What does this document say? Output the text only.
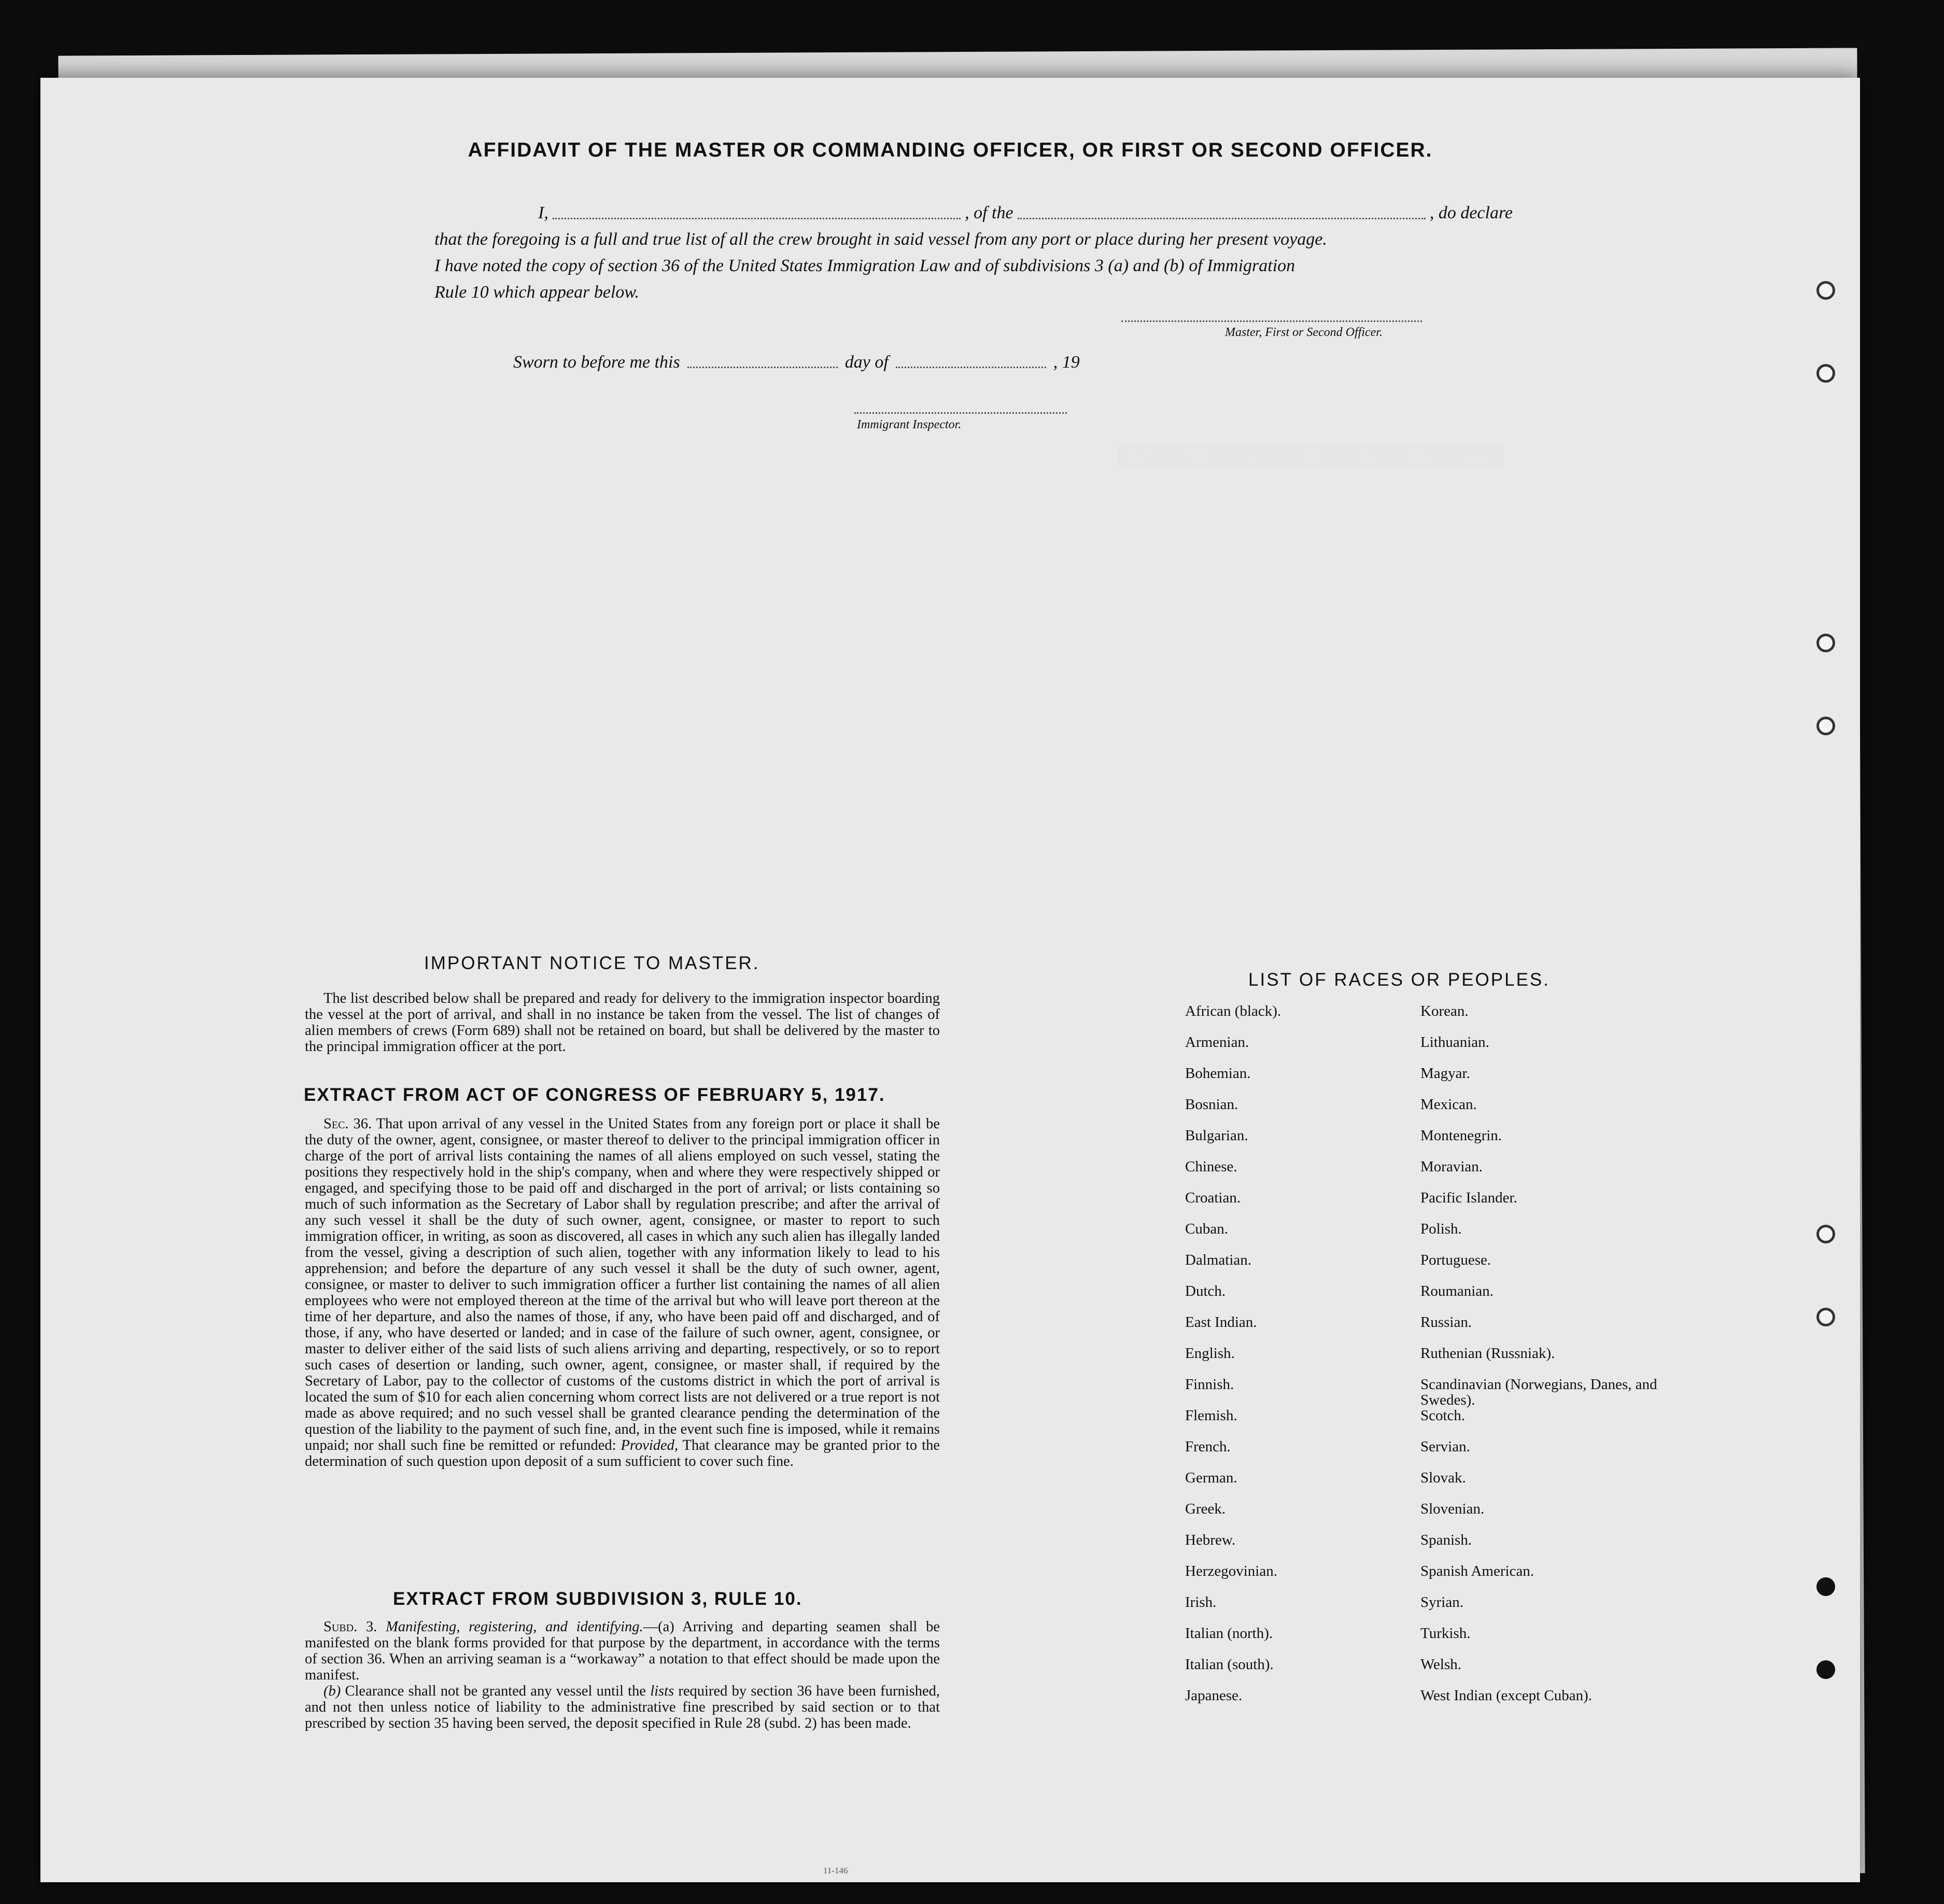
░░░░░░░░░░░░░░░░░░░░░░░░░░░░░░░
AFFIDAVIT OF THE MASTER OR COMMANDING OFFICER, OR FIRST OR SECOND OFFICER.
I,	, of the	, do declare
that the foregoing is a full and true list of all the crew brought in said vessel from any port or place during her present voyage.
I have noted the copy of section 36 of the United States Immigration Law and of subdivisions 3 (a) and (b) of Immigration
Rule 10 which appear below.
Master, First or Second Officer.
Sworn to before me this	day of	, 19
Immigrant Inspector.
IMPORTANT NOTICE TO MASTER.
The list described below shall be prepared and ready for delivery to the immigration inspector boarding the vessel at the port of arrival, and shall in no instance be taken from the vessel. The list of changes of alien members of crews (Form 689) shall not be retained on board, but shall be delivered by the master to the principal immigration officer at the port.
EXTRACT FROM ACT OF CONGRESS OF FEBRUARY 5, 1917.
Sec. 36. That upon arrival of any vessel in the United States from any foreign port or place it shall be the duty of the owner, agent, consignee, or master thereof to deliver to the principal immigration officer in charge of the port of arrival lists containing the names of all aliens employed on such vessel, stating the positions they respectively hold in the ship's company, when and where they were respectively shipped or engaged, and specifying those to be paid off and discharged in the port of arrival; or lists containing so much of such information as the Secretary of Labor shall by regulation prescribe; and after the arrival of any such vessel it shall be the duty of such owner, agent, consignee, or master to report to such immigration officer, in writing, as soon as discovered, all cases in which any such alien has illegally landed from the vessel, giving a description of such alien, together with any information likely to lead to his apprehension; and before the departure of any such vessel it shall be the duty of such owner, agent, consignee, or master to deliver to such immigration officer a further list containing the names of all alien employees who were not employed thereon at the time of the arrival but who will leave port thereon at the time of her departure, and also the names of those, if any, who have been paid off and discharged, and of those, if any, who have deserted or landed; and in case of the failure of such owner, agent, consignee, or master to deliver either of the said lists of such aliens arriving and departing, respectively, or so to report such cases of desertion or landing, such owner, agent, consignee, or master shall, if required by the Secretary of Labor, pay to the collector of customs of the customs district in which the port of arrival is located the sum of $10 for each alien concerning whom correct lists are not delivered or a true report is not made as above required; and no such vessel shall be granted clearance pending the determination of the question of the liability to the payment of such fine, and, in the event such fine is imposed, while it remains unpaid; nor shall such fine be remitted or refunded: Provided, That clearance may be granted prior to the determination of such question upon deposit of a sum sufficient to cover such fine.
EXTRACT FROM SUBDIVISION 3, RULE 10.
Subd. 3. Manifesting, registering, and identifying.—(a) Arriving and departing seamen shall be manifested on the blank forms provided for that purpose by the department, in accordance with the terms of section 36. When an arriving seaman is a “workaway” a notation to that effect should be made upon the manifest.
(b) Clearance shall not be granted any vessel until the lists required by section 36 have been furnished, and not then unless notice of liability to the administrative fine prescribed by said section or to that prescribed by section 35 having been served, the deposit specified in Rule 28 (subd. 2) has been made.
11-146
LIST OF RACES OR PEOPLES.
African (black).
Armenian.
Bohemian.
Bosnian.
Bulgarian.
Chinese.
Croatian.
Cuban.
Dalmatian.
Dutch.
East Indian.
English.
Finnish.
Flemish.
French.
German.
Greek.
Hebrew.
Herzegovinian.
Irish.
Italian (north).
Italian (south).
Japanese.
Korean.
Lithuanian.
Magyar.
Mexican.
Montenegrin.
Moravian.
Pacific Islander.
Polish.
Portuguese.
Roumanian.
Russian.
Ruthenian (Russniak).
Scandinavian (Norwegians, Danes, and Swedes).
Scotch.
Servian.
Slovak.
Slovenian.
Spanish.
Spanish American.
Syrian.
Turkish.
Welsh.
West Indian (except Cuban).
